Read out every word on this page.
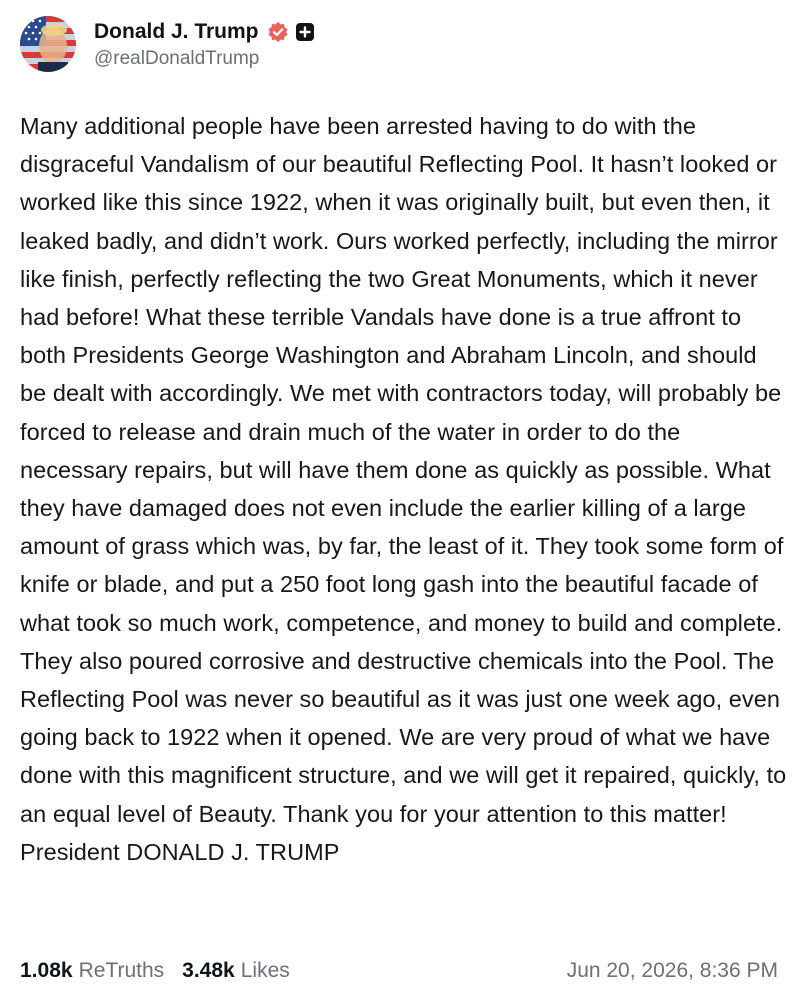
Donald J. Trump
@realDonaldTrump

Many additional people have been arrested having to do with the disgraceful Vandalism of our beautiful Reflecting Pool. It hasn’t looked or worked like this since 1922, when it was originally built, but even then, it leaked badly, and didn’t work. Ours worked perfectly, including the mirror like finish, perfectly reflecting the two Great Monuments, which it never had before! What these terrible Vandals have done is a true affront to both Presidents George Washington and Abraham Lincoln, and should be dealt with accordingly. We met with contractors today, will probably be forced to release and drain much of the water in order to do the necessary repairs, but will have them done as quickly as possible. What they have damaged does not even include the earlier killing of a large amount of grass which was, by far, the least of it. They took some form of knife or blade, and put a 250 foot long gash into the beautiful facade of what took so much work, competence, and money to build and complete. They also poured corrosive and destructive chemicals into the Pool. The Reflecting Pool was never so beautiful as it was just one week ago, even going back to 1922 when it opened. We are very proud of what we have done with this magnificent structure, and we will get it repaired, quickly, to an equal level of Beauty. Thank you for your attention to this matter! President DONALD J. TRUMP

1.08k ReTruths 3.48k Likes	Jun 20, 2026, 8:36 PM
